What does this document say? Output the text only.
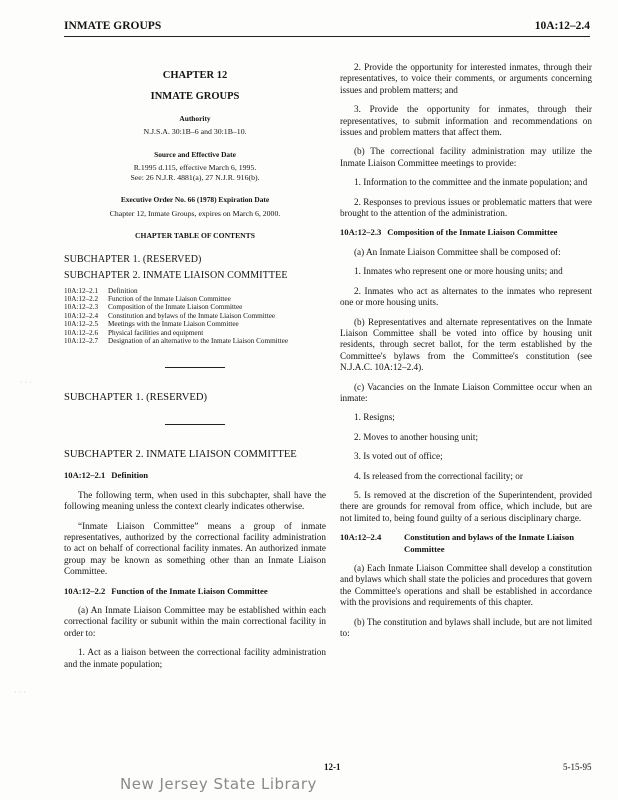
INMATE GROUPS	10A:12–2.4
CHAPTER 12
INMATE GROUPS
Authority
N.J.S.A. 30:1B–6 and 30:1B–10.
Source and Effective Date
R.1995 d.115, effective March 6, 1995.
See: 26 N.J.R. 4881(a), 27 N.J.R. 916(b).
Executive Order No. 66 (1978) Expiration Date
Chapter 12, Inmate Groups, expires on March 6, 2000.
CHAPTER TABLE OF CONTENTS
SUBCHAPTER 1. (RESERVED)
SUBCHAPTER 2. INMATE LIAISON COMMITTEE
10A:12–2.1	Definition
10A:12–2.2	Function of the Inmate Liaison Committee
10A:12–2.3	Composition of the Inmate Liaison Committee
10A:12–2.4	Constitution and bylaws of the Inmate Liaison Committee
10A:12–2.5	Meetings with the Inmate Liaison Committee
10A:12–2.6	Physical facilities and equipment
10A:12–2.7	Designation of an alternative to the Inmate Liaison Committee
SUBCHAPTER 1. (RESERVED)
SUBCHAPTER 2. INMATE LIAISON COMMITTEE
10A:12–2.1 Definition

The following term, when used in this subchapter, shall have the following meaning unless the context clearly indicates otherwise.

“Inmate Liaison Committee” means a group of inmate representatives, authorized by the correctional facility administration to act on behalf of correctional facility inmates. An authorized inmate group may be known as something other than an Inmate Liaison Committee.

10A:12–2.2 Function of the Inmate Liaison Committee

(a) An Inmate Liaison Committee may be established within each correctional facility or subunit within the main correctional facility in order to:

1. Act as a liaison between the correctional facility administration and the inmate population;

2. Provide the opportunity for interested inmates, through their representatives, to voice their comments, or arguments concerning issues and problem matters; and

3. Provide the opportunity for inmates, through their representatives, to submit information and recommendations on issues and problem matters that affect them.

(b) The correctional facility administration may utilize the Inmate Liaison Committee meetings to provide:

1. Information to the committee and the inmate population; and

2. Responses to previous issues or problematic matters that were brought to the attention of the administration.

10A:12–2.3 Composition of the Inmate Liaison Committee

(a) An Inmate Liaison Committee shall be composed of:

1. Inmates who represent one or more housing units; and

2. Inmates who act as alternates to the inmates who represent one or more housing units.

(b) Representatives and alternate representatives on the Inmate Liaison Committee shall be voted into office by housing unit residents, through secret ballot, for the term established by the Committee's bylaws from the Committee's constitution (see N.J.A.C. 10A:12–2.4).

(c) Vacancies on the Inmate Liaison Committee occur when an inmate:

1. Resigns;

2. Moves to another housing unit;

3. Is voted out of office;

4. Is released from the correctional facility; or

5. Is removed at the discretion of the Superintendent, provided there are grounds for removal from office, which include, but are not limited to, being found guilty of a serious disciplinary charge.

10A:12–2.4	Constitution and bylaws of the Inmate Liaison Committee

(a) Each Inmate Liaison Committee shall develop a constitution and bylaws which shall state the policies and procedures that govern the Committee's operations and shall be established in accordance with the provisions and requirements of this chapter.

(b) The constitution and bylaws shall include, but are not limited to:

12-1	5-15-95
New Jersey State Library
· · ·
· · ·
